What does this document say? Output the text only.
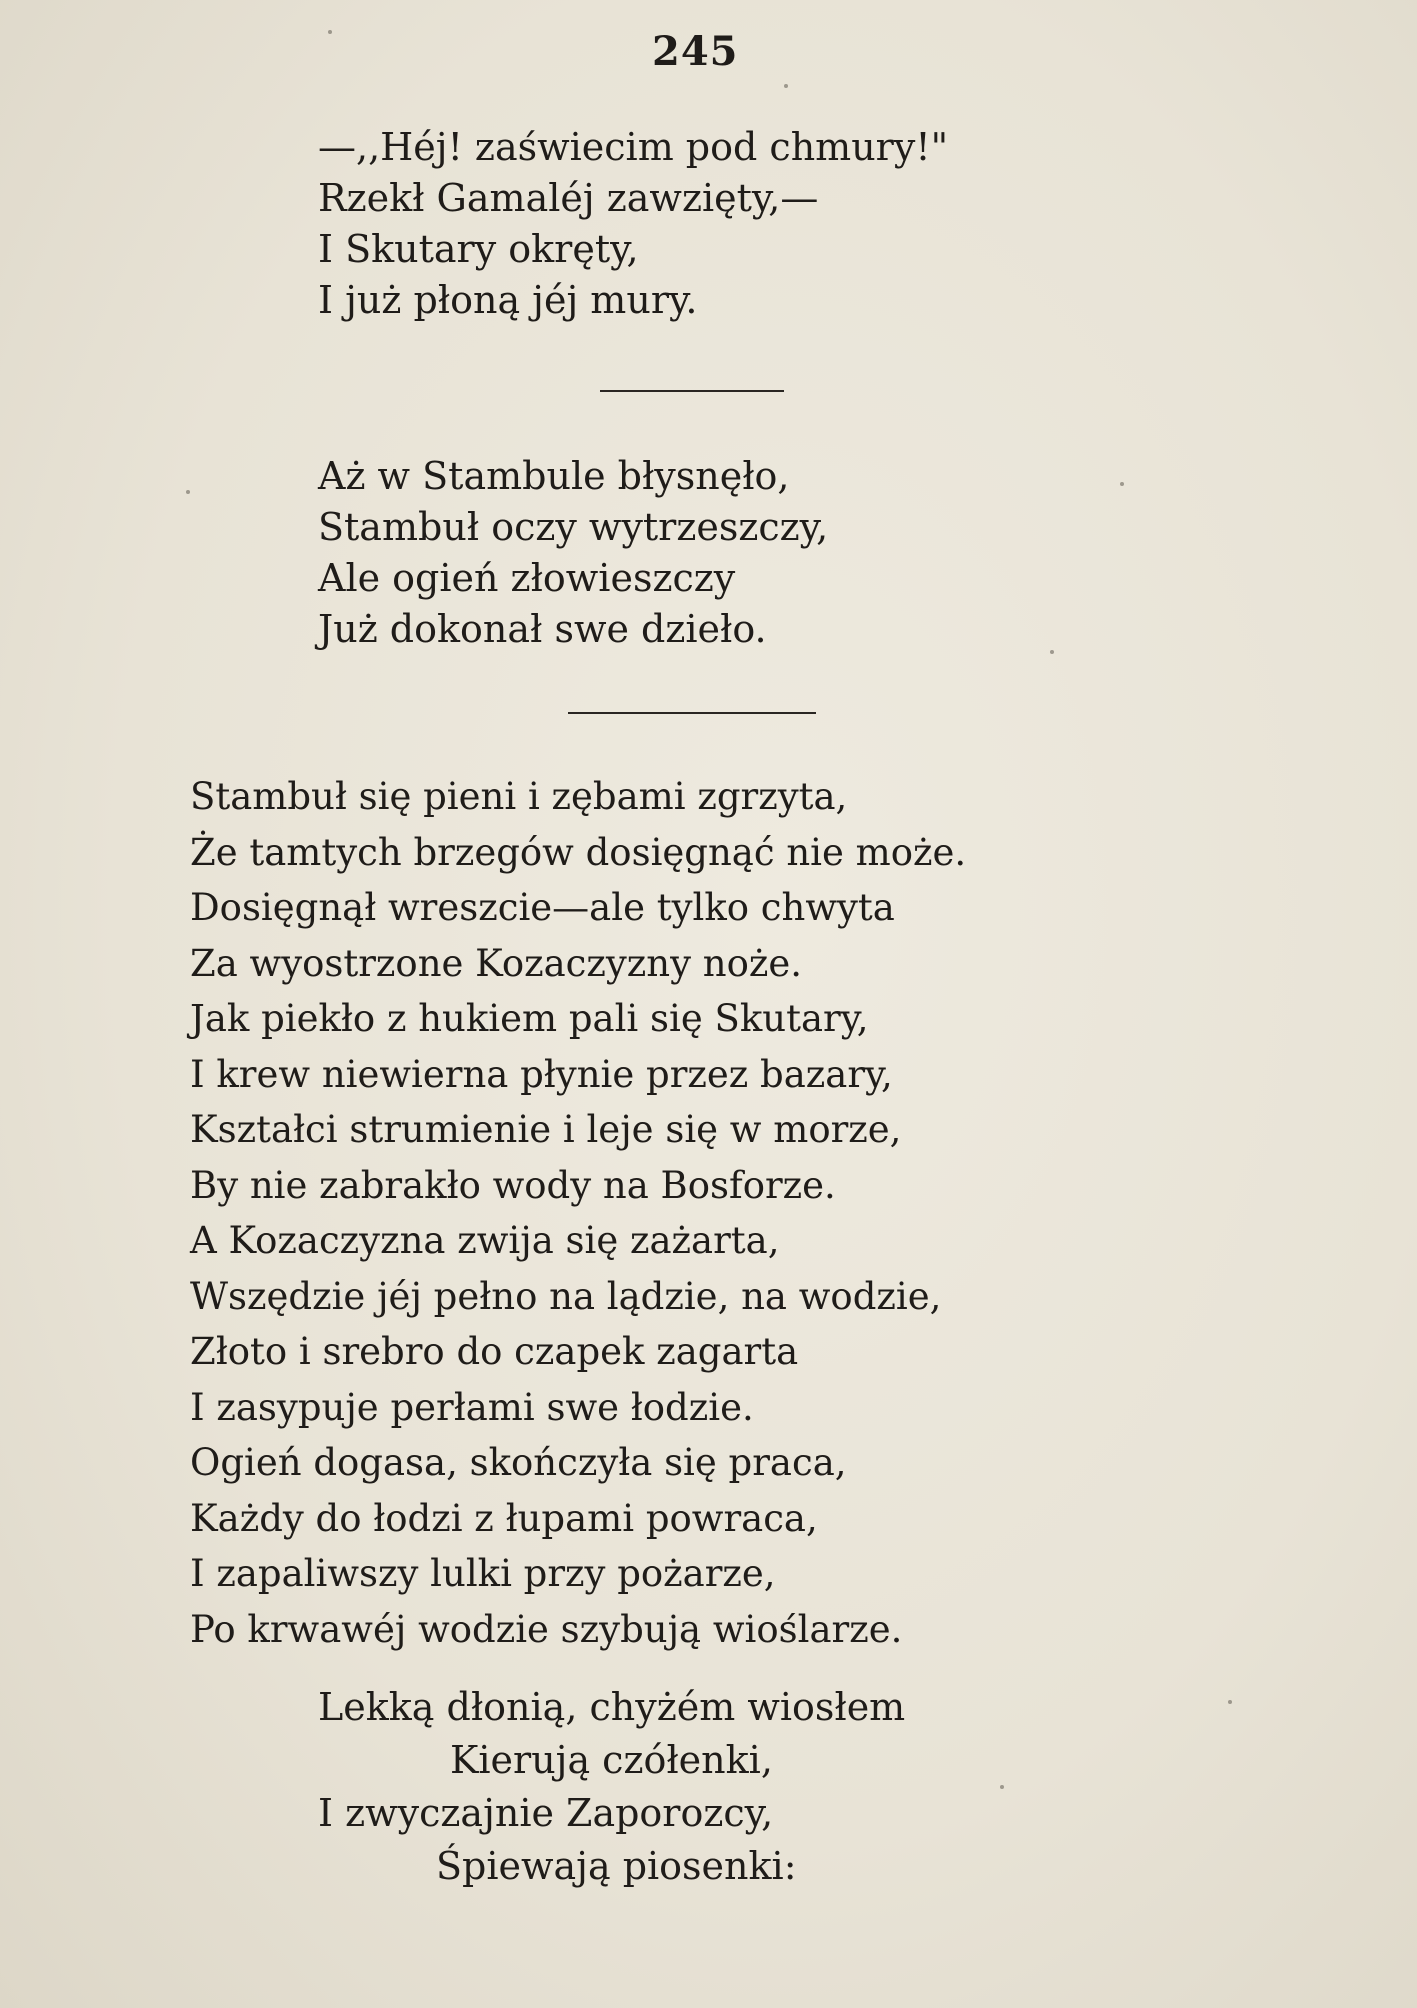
245
—,,Héj! zaświecim pod chmury!"
Rzekł Gamaléj zawzięty,—
I Skutary okręty,
I już płoną jéj mury.
Aż w Stambule błysnęło,
Stambuł oczy wytrzeszczy,
Ale ogień złowieszczy
Już dokonał swe dzieło.
Stambuł się pieni i zębami zgrzyta,
Że tamtych brzegów dosięgnąć nie może.
Dosięgnął wreszcie—ale tylko chwyta
Za wyostrzone Kozaczyzny noże.
Jak piekło z hukiem pali się Skutary,
I krew niewierna płynie przez bazary,
Kształci strumienie i leje się w morze,
By nie zabrakło wody na Bosforze.
A Kozaczyzna zwija się zażarta,
Wszędzie jéj pełno na lądzie, na wodzie,
Złoto i srebro do czapek zagarta
I zasypuje perłami swe łodzie.
Ogień dogasa, skończyła się praca,
Każdy do łodzi z łupami powraca,
I zapaliwszy lulki przy pożarze,
Po krwawéj wodzie szybują wioślarze.
Lekką dłonią, chyżém wiosłem
Kierują czółenki,
I zwyczajnie Zaporozcy,
Śpiewają piosenki:
